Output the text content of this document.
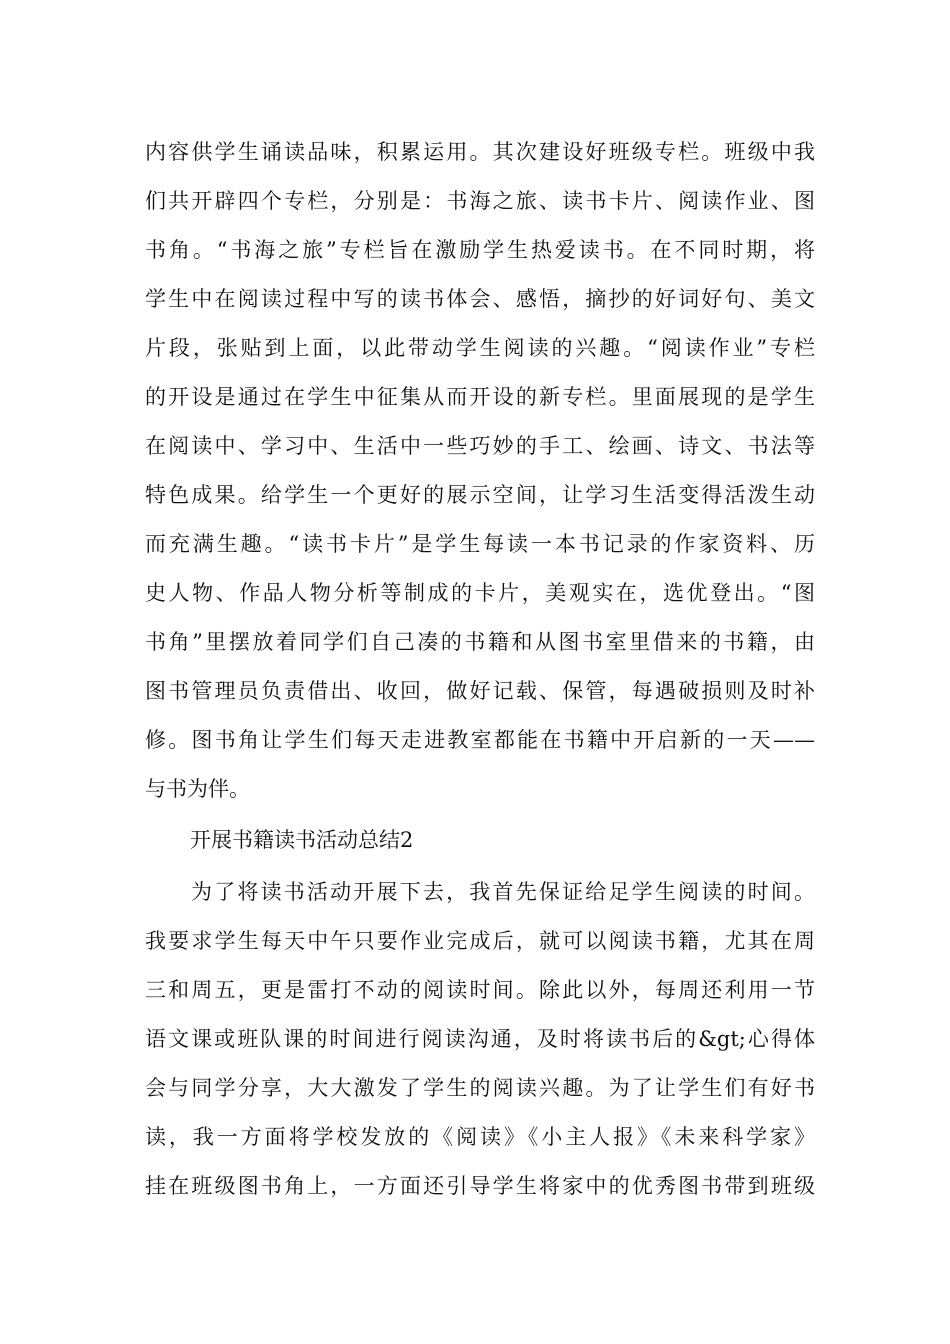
内容供学生诵读品味，积累运用。其次建设好班级专栏。班级中我
们共开辟四个专栏，分别是：书海之旅、读书卡片、阅读作业、图
书角。“书海之旅”专栏旨在激励学生热爱读书。在不同时期，将
学生中在阅读过程中写的读书体会、感悟，摘抄的好词好句、美文
片段，张贴到上面，以此带动学生阅读的兴趣。“阅读作业”专栏
的开设是通过在学生中征集从而开设的新专栏。里面展现的是学生
在阅读中、学习中、生活中一些巧妙的手工、绘画、诗文、书法等
特色成果。给学生一个更好的展示空间，让学习生活变得活泼生动
而充满生趣。“读书卡片”是学生每读一本书记录的作家资料、历
史人物、作品人物分析等制成的卡片，美观实在，选优登出。“图
书角”里摆放着同学们自己凑的书籍和从图书室里借来的书籍，由
图书管理员负责借出、收回，做好记载、保管，每遇破损则及时补
修。图书角让学生们每天走进教室都能在书籍中开启新的一天——
与书为伴。
开展书籍读书活动总结2
为了将读书活动开展下去，我首先保证给足学生阅读的时间。
我要求学生每天中午只要作业完成后，就可以阅读书籍，尤其在周
三和周五，更是雷打不动的阅读时间。除此以外，每周还利用一节
语文课或班队课的时间进行阅读沟通，及时将读书后的&gt;心得体
会与同学分享，大大激发了学生的阅读兴趣。为了让学生们有好书
读，我一方面将学校发放的《阅读》《小主人报》《未来科学家》
挂在班级图书角上，一方面还引导学生将家中的优秀图书带到班级
